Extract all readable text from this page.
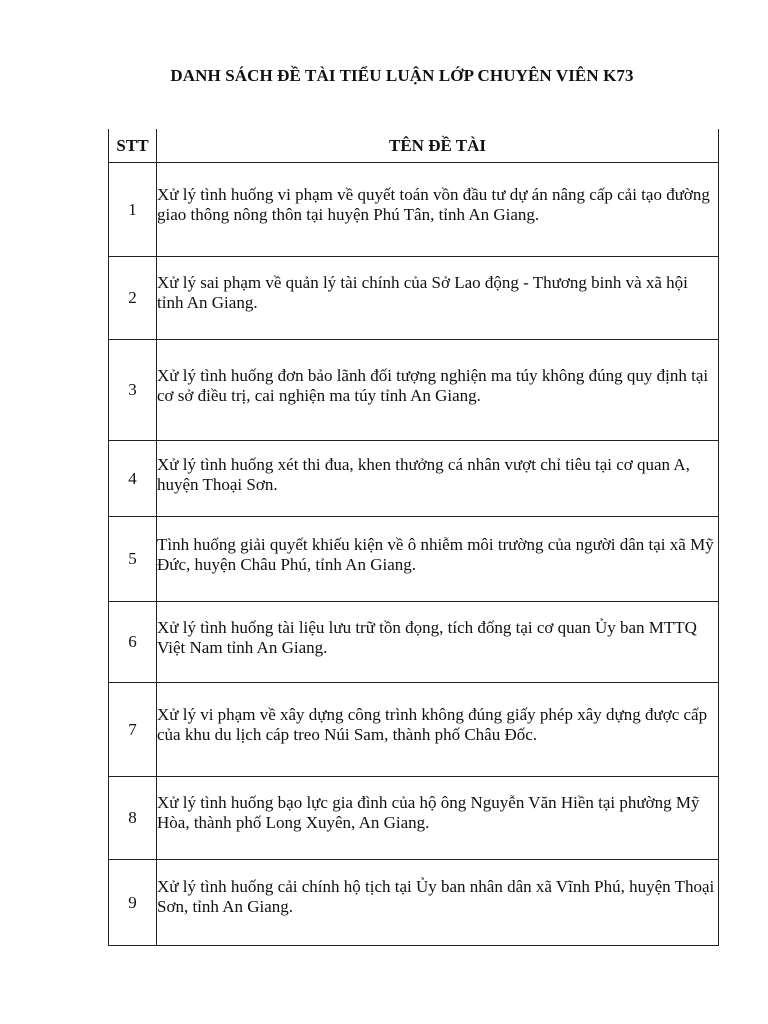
DANH SÁCH ĐỀ TÀI TIỂU LUẬN LỚP CHUYÊN VIÊN K73
STT	TÊN ĐỀ TÀI
1	Xử lý tình huống vi phạm về quyết toán vồn đầu tư dự án nâng cấp cải tạo đường giao thông nông thôn tại huyện Phú Tân, tỉnh An Giang.
2	Xử lý sai phạm về quản lý tài chính của Sở Lao động - Thương binh và xã hội tỉnh An Giang.
3	Xử lý tình huống đơn bảo lãnh đối tượng nghiện ma túy không đúng quy định tại cơ sở điều trị, cai nghiện ma túy tỉnh An Giang.
4	Xử lý tình huống xét thi đua, khen thưởng cá nhân vượt chỉ tiêu tại cơ quan A, huyện Thoại Sơn.
5	Tình huống giải quyết khiếu kiện về ô nhiễm môi trường của người dân tại xã Mỹ Đức, huyện Châu Phú, tỉnh An Giang.
6	Xử lý tình huống tài liệu lưu trữ tồn đọng, tích đống tại cơ quan Ủy ban MTTQ Việt Nam tỉnh An Giang.
7	Xử lý vi phạm về xây dựng công trình không đúng giấy phép xây dựng được cấp của khu du lịch cáp treo Núi Sam, thành phố Châu Đốc.
8	Xử lý tình huống bạo lực gia đình của hộ ông Nguyễn Văn Hiền tại phường Mỹ Hòa, thành phố Long Xuyên, An Giang.
9	Xử lý tình huống cải chính hộ tịch tại Ủy ban nhân dân xã Vĩnh Phú, huyện Thoại Sơn, tỉnh An Giang.
